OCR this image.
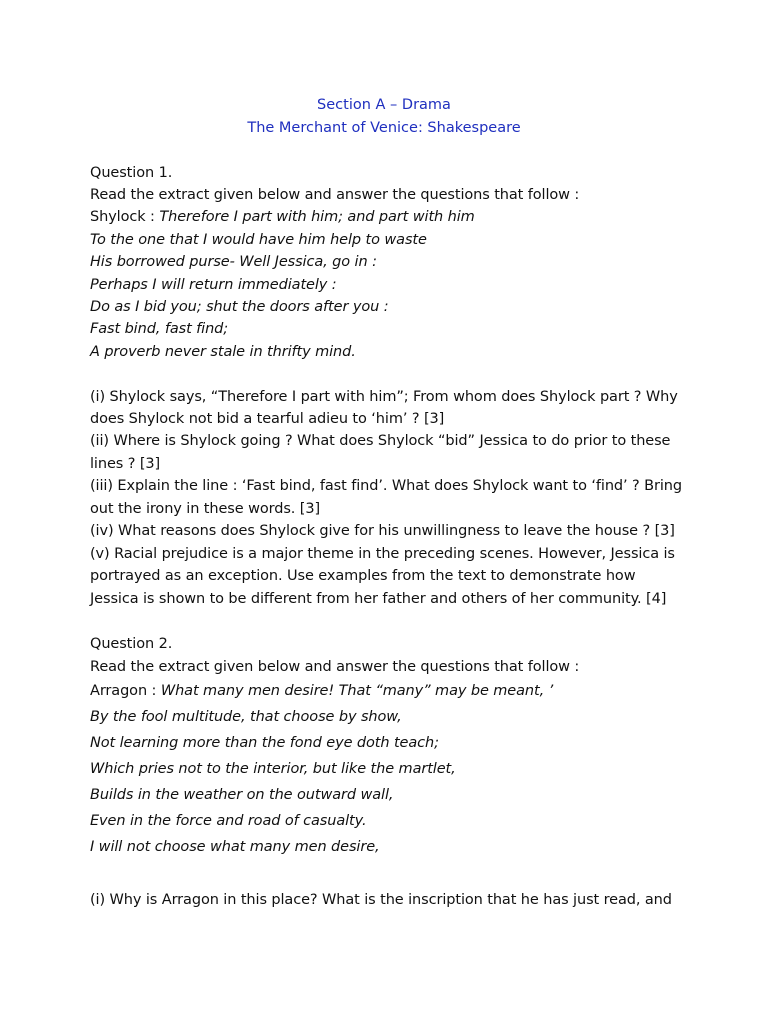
Section A – Drama
The Merchant of Venice: Shakespeare
Question 1.
Read the extract given below and answer the questions that follow :
Shylock : Therefore I part with him; and part with him
To the one that I would have him help to waste
His borrowed purse- Well Jessica, go in :
Perhaps I will return immediately :
Do as I bid you; shut the doors after you :
Fast bind, fast find;
A proverb never stale in thrifty mind.
(i) Shylock says, “Therefore I part with him”; From whom does Shylock part ? Why
does Shylock not bid a tearful adieu to ‘him’ ? [3]
(ii) Where is Shylock going ? What does Shylock “bid” Jessica to do prior to these
lines ? [3]
(iii) Explain the line : ‘Fast bind, fast find’. What does Shylock want to ‘find’ ? Bring
out the irony in these words. [3]
(iv) What reasons does Shylock give for his unwillingness to leave the house ? [3]
(v) Racial prejudice is a major theme in the preceding scenes. However, Jessica is
portrayed as an exception. Use examples from the text to demonstrate how
Jessica is shown to be different from her father and others of her community. [4]
Question 2.
Read the extract given below and answer the questions that follow :
Arragon : What many men desire! That “many” may be meant, ’
By the fool multitude, that choose by show,
Not learning more than the fond eye doth teach;
Which pries not to the interior, but like the martlet,
Builds in the weather on the outward wall,
Even in the force and road of casualty.
I will not choose what many men desire,
(i) Why is Arragon in this place? What is the inscription that he has just read, and
